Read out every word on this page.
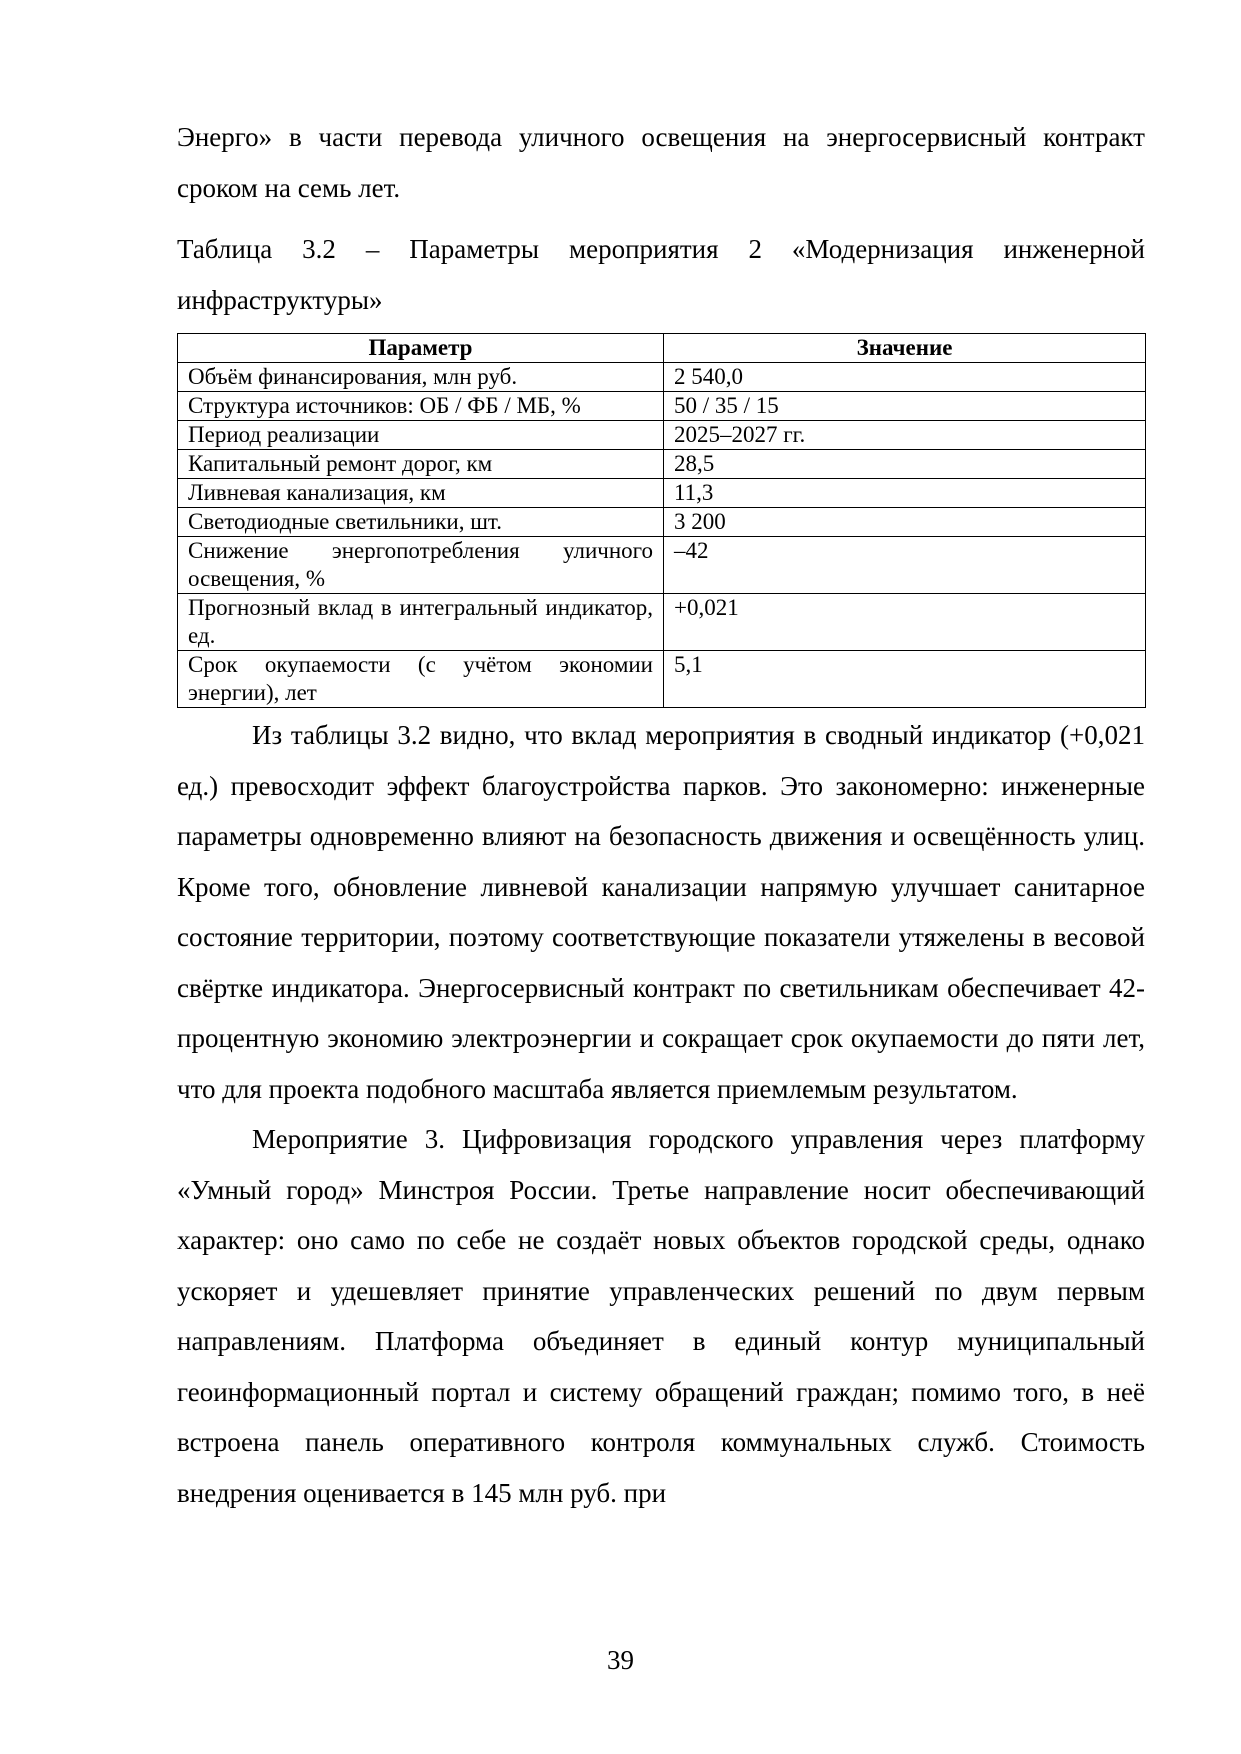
Энерго» в части перевода уличного освещения на энергосервисный контракт сроком на семь лет.

Таблица 3.2 – Параметры мероприятия 2 «Модернизация инженерной инфраструктуры»

Параметр	Значение
Объём финансирования, млн руб.	2 540,0
Структура источников: ОБ / ФБ / МБ, %	50 / 35 / 15
Период реализации	2025–2027 гг.
Капитальный ремонт дорог, км	28,5
Ливневая канализация, км	11,3
Светодиодные светильники, шт.	3 200
Снижение энергопотребления уличного освещения, %	–42
Прогнозный вклад в интегральный индикатор, ед.	+0,021
Срок окупаемости (с учётом экономии энергии), лет	5,1

Из таблицы 3.2 видно, что вклад мероприятия в сводный индикатор (+0,021 ед.) превосходит эффект благоустройства парков. Это закономерно: инженерные параметры одновременно влияют на безопасность движения и освещённость улиц. Кроме того, обновление ливневой канализации напрямую улучшает санитарное состояние территории, поэтому соответствующие показатели утяжелены в весовой свёртке индикатора. Энергосервисный контракт по светильникам обеспечивает 42-процентную экономию электроэнергии и сокращает срок окупаемости до пяти лет, что для проекта подобного масштаба является приемлемым результатом.

Мероприятие 3. Цифровизация городского управления через платформу «Умный город» Минстроя России. Третье направление носит обеспечивающий характер: оно само по себе не создаёт новых объектов городской среды, однако ускоряет и удешевляет принятие управленческих решений по двум первым направлениям. Платформа объединяет в единый контур муниципальный геоинформационный портал и систему обращений граждан; помимо того, в неё встроена панель оперативного контроля коммунальных служб. Стоимость внедрения оценивается в 145 млн руб. при

39
